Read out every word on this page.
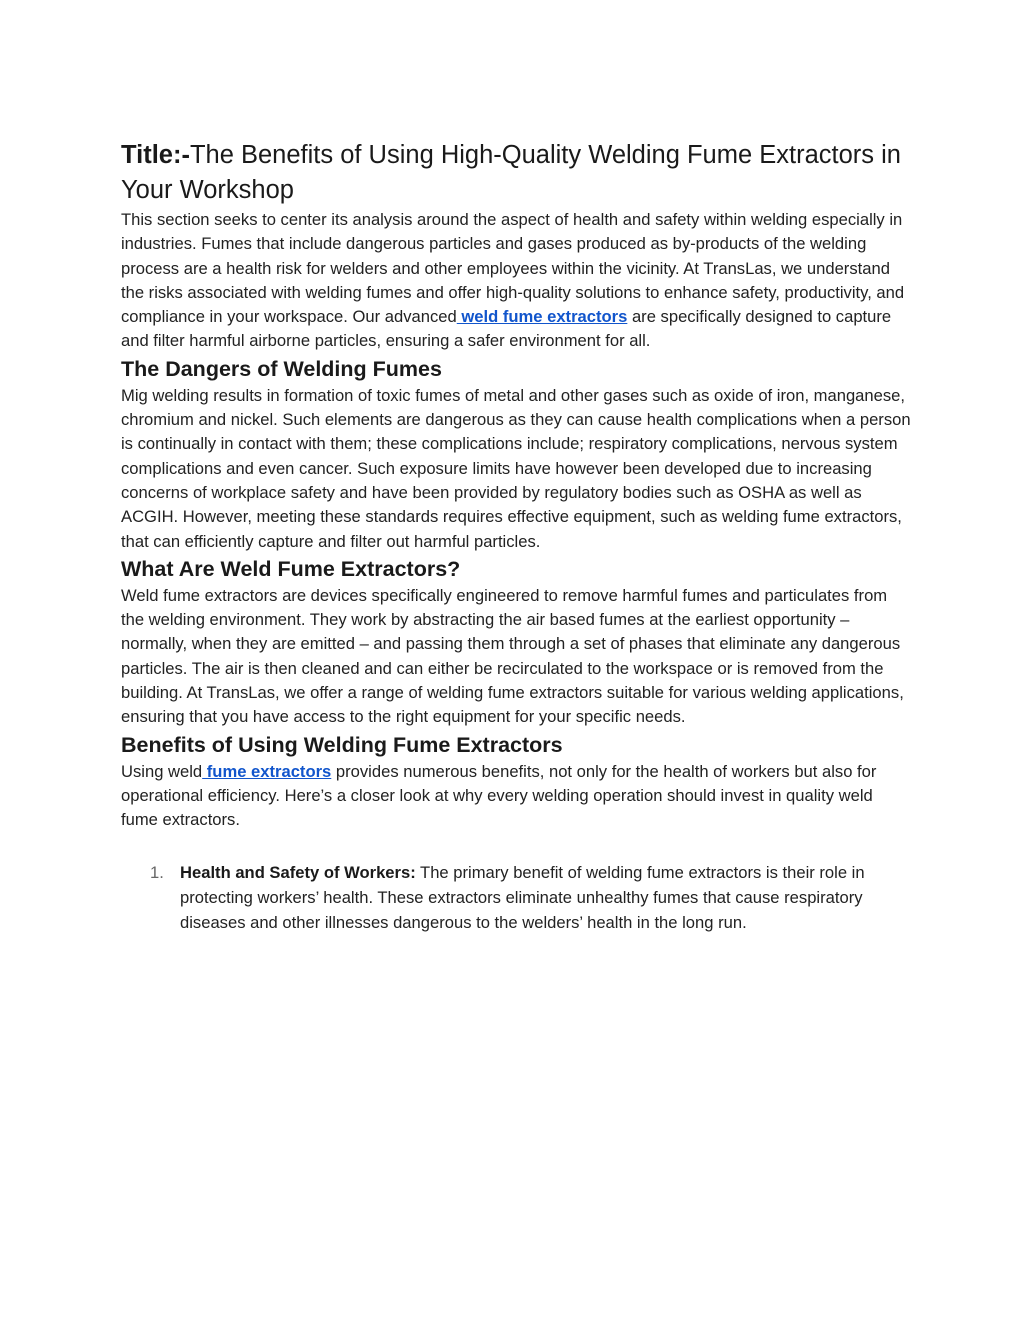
Title:-The Benefits of Using High-Quality Welding Fume Extractors in Your Workshop

This section seeks to center its analysis around the aspect of health and safety within welding especially in industries. Fumes that include dangerous particles and gases produced as by-products of the welding process are a health risk for welders and other employees within the vicinity. At TransLas, we understand the risks associated with welding fumes and offer high-quality solutions to enhance safety, productivity, and compliance in your workspace. Our advanced weld fume extractors are specifically designed to capture and filter harmful airborne particles, ensuring a safer environment for all.

The Dangers of Welding Fumes

Mig welding results in formation of toxic fumes of metal and other gases such as oxide of iron, manganese, chromium and nickel. Such elements are dangerous as they can cause health complications when a person is continually in contact with them; these complications include; respiratory complications, nervous system complications and even cancer. Such exposure limits have however been developed due to increasing concerns of workplace safety and have been provided by regulatory bodies such as OSHA as well as ACGIH. However, meeting these standards requires effective equipment, such as welding fume extractors, that can efficiently capture and filter out harmful particles.

What Are Weld Fume Extractors?

Weld fume extractors are devices specifically engineered to remove harmful fumes and particulates from the welding environment. They work by abstracting the air based fumes at the earliest opportunity – normally, when they are emitted – and passing them through a set of phases that eliminate any dangerous particles. The air is then cleaned and can either be recirculated to the workspace or is removed from the building. At TransLas, we offer a range of welding fume extractors suitable for various welding applications, ensuring that you have access to the right equipment for your specific needs.

Benefits of Using Welding Fume Extractors

Using weld fume extractors provides numerous benefits, not only for the health of workers but also for operational efficiency. Here’s a closer look at why every welding operation should invest in quality weld fume extractors.

1. Health and Safety of Workers: The primary benefit of welding fume extractors is their role in protecting workers’ health. These extractors eliminate unhealthy fumes that cause respiratory diseases and other illnesses dangerous to the welders’ health in the long run.
